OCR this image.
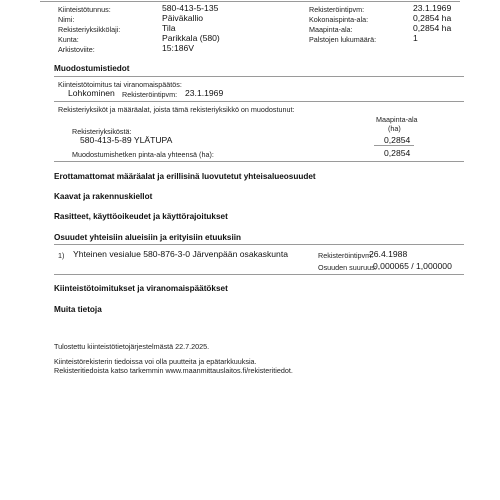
Kiinteistötunnus:	580-413-5-135
Nimi:	Päiväkallio
Rekisteriyksikkölaji:	Tila
Kunta:	Parikkala (580)
Arkistoviite:	15:186V
Rekisteröintipvm:	23.1.1969
Kokonaispinta-ala:	0,2854 ha
Maapinta-ala:	0,2854 ha
Palstojen lukumäärä:	1
Muodostumistiedot
Kiinteistötoimitus tai viranomaispäätös:
Lohkominen Rekisteröintipvm: 23.1.1969
Rekisteriyksiköt ja määräalat, joista tämä rekisteriyksikkö on muodostunut:
Maapinta-ala
(ha)
Rekisteriyksiköstä:
580-413-5-89 YLÄTUPA	0,2854
Muodostumishetken pinta-ala yhteensä (ha):	0,2854
Erottamattomat määräalat ja erillisinä luovutetut yhteisalueosuudet
Kaavat ja rakennuskiellot
Rasitteet, käyttöoikeudet ja käyttörajoitukset
Osuudet yhteisiin alueisiin ja erityisiin etuuksiin
1) Yhteinen vesialue 580-876-3-0 Järvenpään osakaskunta	Rekisteröintipvm:
26.4.1988
Osuuden suuruus:
0,000065 / 1,000000
Kiinteistötoimitukset ja viranomaispäätökset
Muita tietoja
Tulostettu kiinteistötietojärjestelmästä 22.7.2025.
Kiinteistörekisterin tiedoissa voi olla puutteita ja epätarkkuuksia.
Rekisteritiedoista katso tarkemmin www.maanmittauslaitos.fi/rekisteritiedot.
